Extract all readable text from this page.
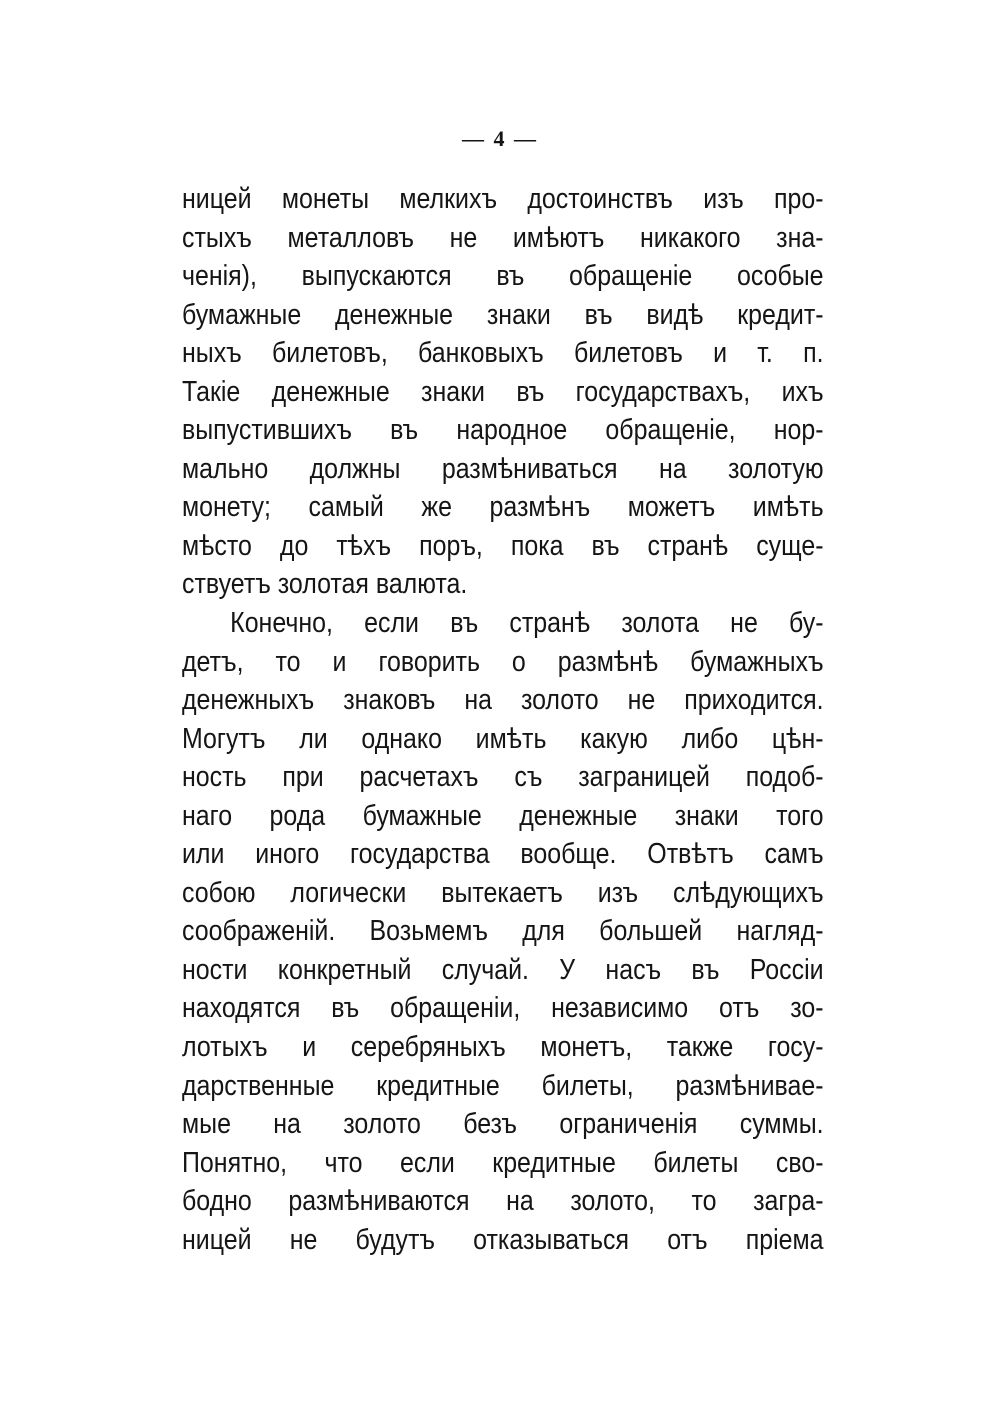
— 4 —
ницей монеты мелкихъ достоинствъ изъ про-
стыхъ металловъ не имѣютъ никакого зна-
ченія), выпускаются въ обращеніе особые
бумажные денежные знаки въ видѣ кредит-
ныхъ билетовъ, банковыхъ билетовъ и т. п.
Такіе денежные знаки въ государствахъ, ихъ
выпустившихъ въ народное обращеніе, нор-
мально должны размѣниваться на золотую
монету; самый же размѣнъ можетъ имѣть
мѣсто до тѣхъ поръ, пока въ странѣ суще-
ствуетъ золотая валюта.
Конечно, если въ странѣ золота не бу-
детъ, то и говорить о размѣнѣ бумажныхъ
денежныхъ знаковъ на золото не приходится.
Могутъ ли однако имѣть какую либо цѣн-
ность при расчетахъ съ заграницей подоб-
наго рода бумажные денежные знаки того
или иного государства вообще. Отвѣтъ самъ
собою логически вытекаетъ изъ слѣдующихъ
соображеній. Возьмемъ для большей нагляд-
ности конкретный случай. У насъ въ Россіи
находятся въ обращеніи, независимо отъ зо-
лотыхъ и серебряныхъ монетъ, также госу-
дарственные кредитные билеты, размѣнивае-
мые на золото безъ ограниченія суммы.
Понятно, что если кредитные билеты сво-
бодно размѣниваются на золото, то загра-
ницей не будутъ отказываться отъ пріема
